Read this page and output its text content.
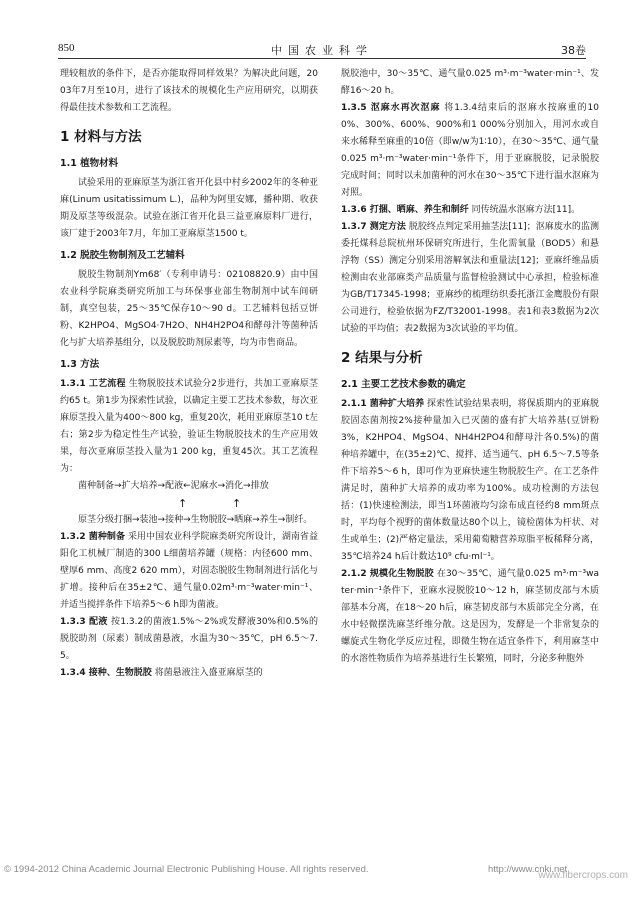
850	中国农业科学	38卷

理较粗放的条件下，是否亦能取得同样效果？为解决此问题，2003年7月至10月，进行了该技术的规模化生产应用研究，以期获得最佳技术参数和工艺流程。

1 材料与方法
1.1 植物材料

试验采用的亚麻原茎为浙江省开化县中村乡2002年的冬种亚麻(Linum usitatissimum L.)，品种为阿里安娜，播种期、收获期及原茎等级混杂。试验在浙江省开化县三益亚麻原料厂进行，该厂建于2003年7月，年加工亚麻原茎1500 t。

1.2 脱胶生物制剂及工艺辅料

脱胶生物制剂Ym68′（专利申请号：02108820.9）由中国农业科学院麻类研究所加工与环保事业部生物制剂中试车间研制，真空包装，25～35℃保存10～90 d。工艺辅料包括豆饼粉、K2HPO4、MgSO4·7H2O、NH4H2PO4和酵母汁等菌种活化与扩大培养基组分，以及脱胶助剂尿素等，均为市售商品。

1.3 方法

1.3.1 工艺流程 生物脱胶技术试验分2步进行，共加工亚麻原茎约65 t。第1步为探索性试验，以确定主要工艺技术参数，每次亚麻原茎投入量为400～800 kg，重复20次，耗用亚麻原茎10 t左右；第2步为稳定性生产试验，验证生物脱胶技术的生产应用效果，每次亚麻原茎投入量为1 200 kg，重复45次。其工艺流程为：

菌种制备→扩大培养→配液←泥麻水→消化→排放
↑	↑
原茎分级打捆→装池→接种→生物脱胶→晒麻→养生→制纤。

1.3.2 菌种制备 采用中国农业科学院麻类研究所设计，湖南省益阳化工机械厂制造的300 L细菌培养罐（规格：内径600 mm、壁厚6 mm、高度2 620 mm），对固态脱胶生物制剂进行活化与扩增。接种后在35±2℃、通气量0.02m³·m⁻³water·min⁻¹、并适当搅拌条件下培养5～6 h即为菌液。

1.3.3 配液 按1.3.2的菌液1.5%～2%或发酵液30%和0.5%的脱胶助剂（尿素）制成菌悬液，水温为30～35℃，pH 6.5～7.5。

1.3.4 接种、生物脱胶 将菌悬液注入盛亚麻原茎的

脱胶池中，30～35℃、通气量0.025 m³·m⁻³water·min⁻¹、发酵16～20 h。

1.3.5 沤麻水再次沤麻 将1.3.4结束后的沤麻水按麻重的100%、300%、600%、900%和1 000%分别加入，用河水或自来水稀释至麻重的10倍（即w/w为1∶10），在30～35℃、通气量0.025 m³·m⁻³water·min⁻¹条件下，用于亚麻脱胶，记录脱胶完成时间；同时以未加菌种的河水在30～35℃下进行温水沤麻为对照。

1.3.6 打捆、晒麻、养生和制纤 同传统温水沤麻方法[11]。

1.3.7 测定方法 脱胶终点判定采用抽茎法[11]；沤麻废水的监测委托煤科总院杭州环保研究所进行，生化需氧量（BOD5）和悬浮物（SS）测定分别采用溶解氧法和重量法[12]；亚麻纤维品质检测由农业部麻类产品质量与监督检验测试中心承担，检验标准为GB/T17345-1998；亚麻纱的梳理纺织委托浙江金鹰股份有限公司进行，检验依据为FZ/T32001-1998。表1和表3数据为2次试验的平均值；表2数据为3次试验的平均值。

2 结果与分析
2.1 主要工艺技术参数的确定

2.1.1 菌种扩大培养 探索性试验结果表明，将保质期内的亚麻脱胶固态菌剂按2%接种量加入已灭菌的盛有扩大培养基(豆饼粉3%，K2HPO4、MgSO4、NH4H2PO4和酵母汁各0.5%)的菌种培养罐中，在(35±2)℃、搅拌、适当通气、pH 6.5～7.5等条件下培养5～6 h，即可作为亚麻快速生物脱胶生产。在工艺条件满足时，菌种扩大培养的成功率为100%。成功检测的方法包括：(1)快速检测法，即当1环菌液均匀涂布成直径约8 mm斑点时，平均每个视野的菌体数量达80个以上，镜检菌体为杆状、对生或单生；(2)严格定量法，采用葡萄糖营养琼脂平板稀释分离，35℃培养24 h后计数达10⁹ cfu·ml⁻¹。

2.1.2 规模化生物脱胶 在30～35℃、通气量0.025 m³·m⁻³water·min⁻¹条件下，亚麻水浸脱胶10～12 h，麻茎韧皮部与木质部基本分离，在18～20 h后，麻茎韧皮部与木质部完全分离，在水中轻微摆洗麻茎纤维分散。这是因为，发酵是一个非常复杂的螺旋式生物化学反应过程，即微生物在适宜条件下，利用麻茎中的水溶性物质作为培养基进行生长繁殖，同时，分泌多种胞外

© 1994-2012 China Academic Journal Electronic Publishing House. All rights reserved.	http://www.cnki.net
www.fibercrops.com
